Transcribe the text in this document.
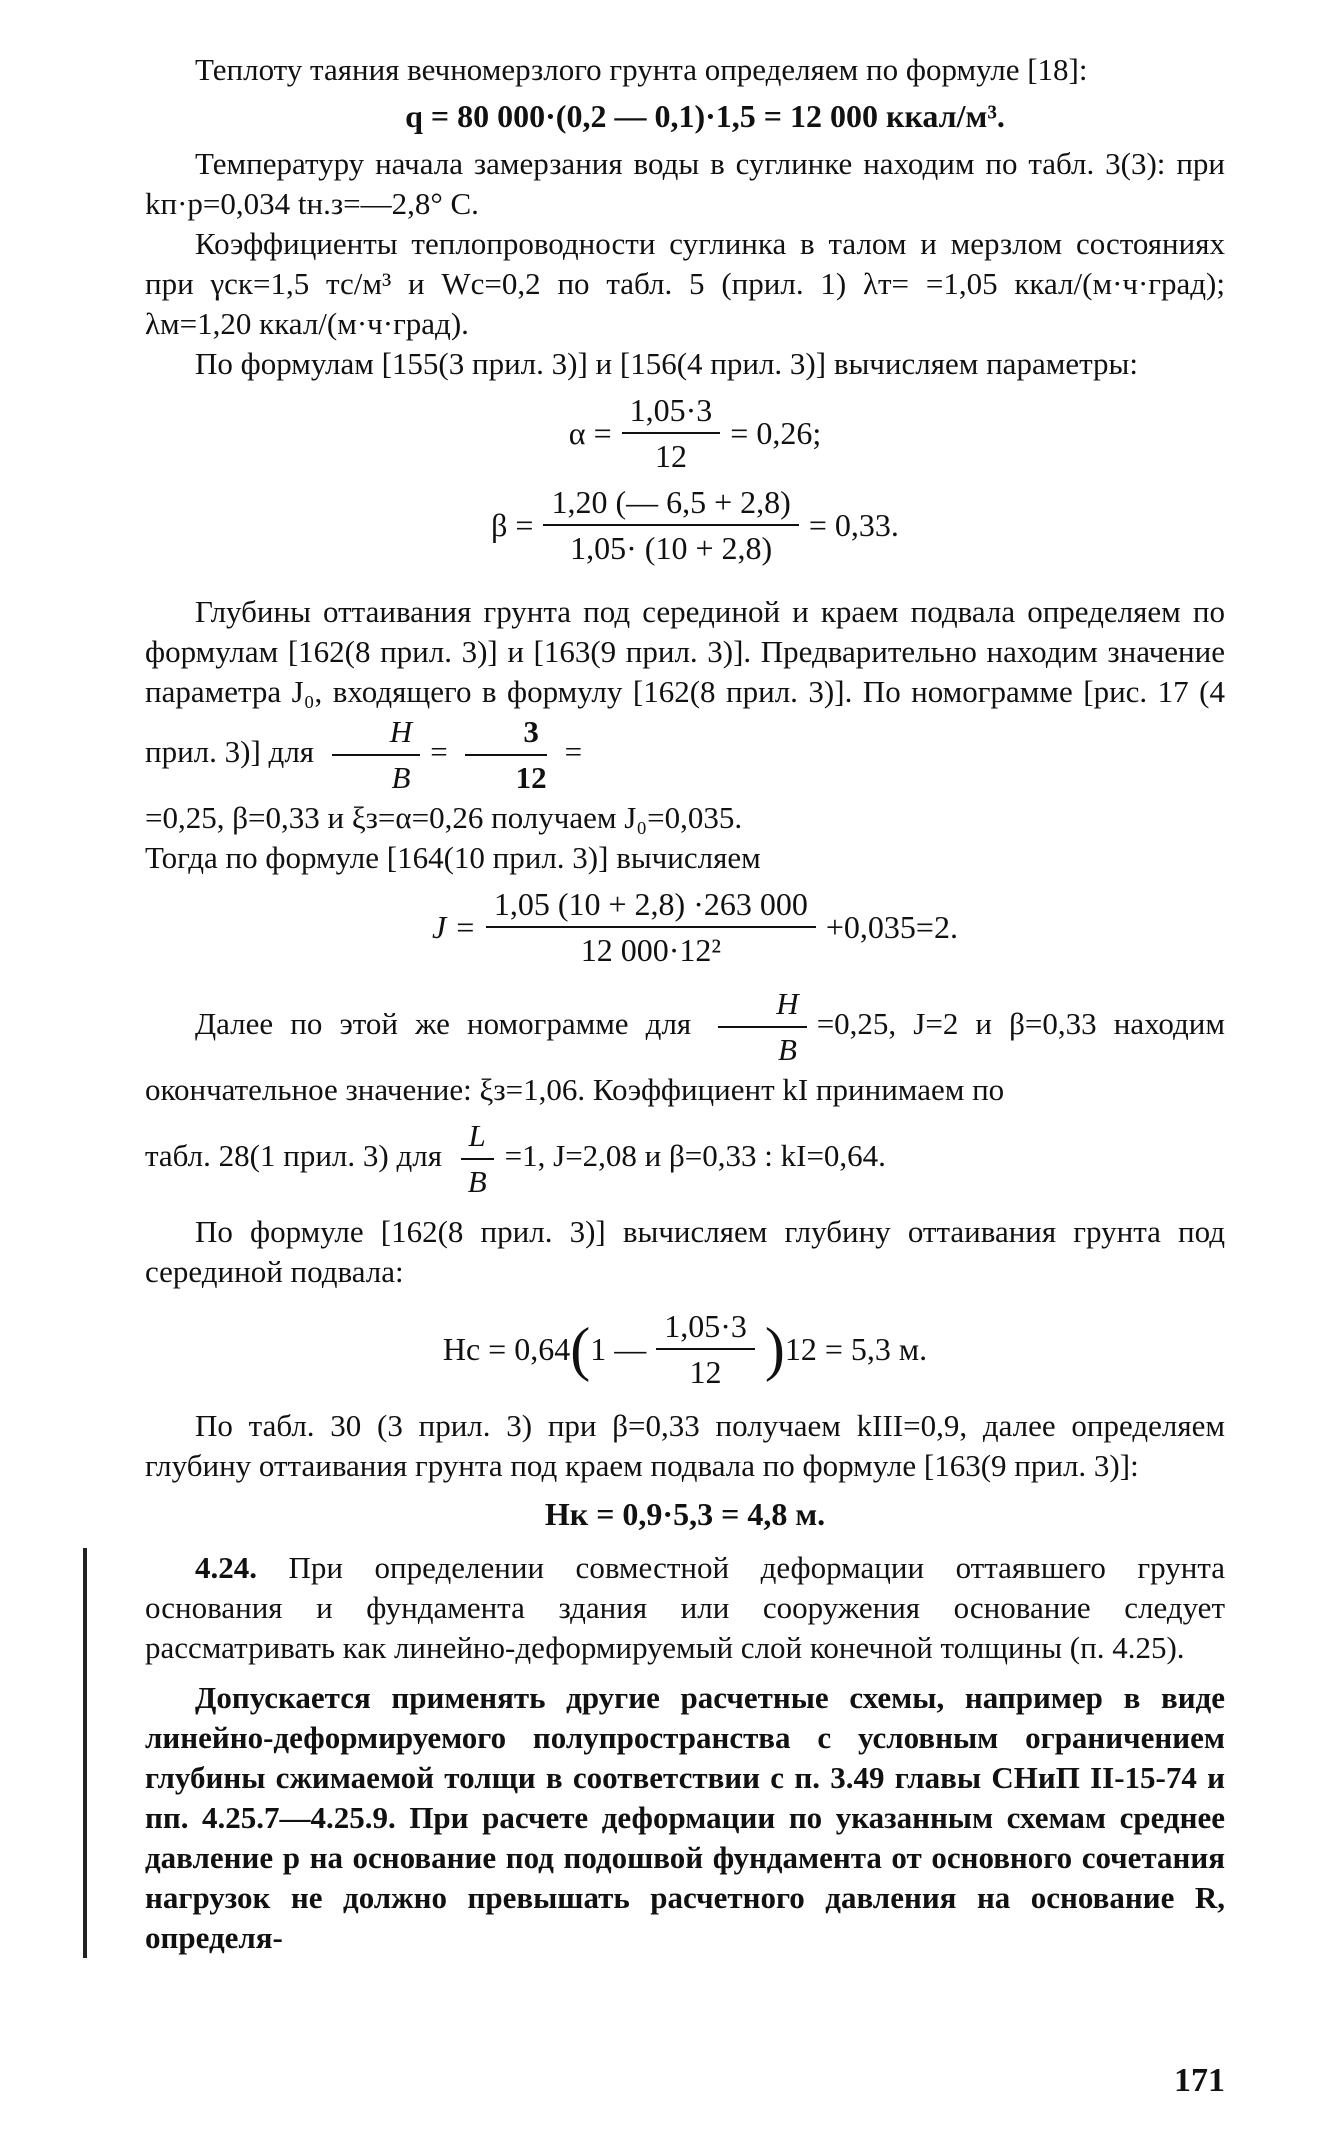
Теплоту таяния вечномерзлого грунта определяем по формуле [18]:

q = 80 000·(0,2 — 0,1)·1,5 = 12 000 ккал/м³.

Температуру начала замерзания воды в суглинке находим по табл. 3(3): при kп·р=0,034 tн.з=—2,8° С.

Коэффициенты теплопроводности суглинка в талом и мерзлом состояниях при γск=1,5 тс/м³ и Wс=0,2 по табл. 5 (прил. 1) λт= =1,05 ккал/(м·ч·град); λм=1,20 ккал/(м·ч·град).

По формулам [155(3 прил. 3)] и [156(4 прил. 3)] вычисляем параметры:

$\alpha = \frac{1,05\cdot 3}{12} = 0,26$;
$\beta = \frac{1,20 (— 6,5 + 2,8)}{1,05\cdot (10 + 2,8)} = 0,33$.

Глубины оттаивания грунта под серединой и краем подвала определяем по формулам [162(8 прил. 3)] и [163(9 прил. 3)]. Предварительно находим значение параметра J₀, входящего в формулу [162(8 прил. 3)]. По номограмме [рис. 17 (4 прил. 3)] для $\frac{H}{B} = \frac{3}{12}$ =

=0,25, β=0,33 и ξз=α=0,26 получаем J₀=0,035.

Тогда по формуле [164(10 прил. 3)] вычисляем

$J = \frac{1,05 (10 + 2,8) \cdot 263 000}{\text{12 000·12²}} +0,035=2$.

Далее по этой же номограмме для $\frac{H}{B} =0,25$, J=2 и β=0,33 находим окончательное значение: ξз=1,06. Коэффициент kI принимаем по

табл. 28(1 прил. 3) для $\frac{L}{B} =1$, J=2,08 и β=0,33 : kI=0,64.

По формуле [162(8 прил. 3)] вычисляем глубину оттаивания грунта под серединой подвала:

Hс = 0,64 ( 1 — $\frac{1,05\cdot 3}{12}$ ) 12 = 5,3 м.

По табл. 30 (3 прил. 3) при β=0,33 получаем kIII=0,9, далее определяем глубину оттаивания грунта под краем подвала по формуле [163(9 прил. 3)]:

Hк = 0,9·5,3 = 4,8 м.

4.24. При определении совместной деформации оттаявшего грунта основания и фундамента здания или сооружения основание следует рассматривать как линейно-деформируемый слой конечной толщины (п. 4.25).

Допускается применять другие расчетные схемы, например в виде линейно-деформируемого полупространства с условным ограничением глубины сжимаемой толщи в соответствии с п. 3.49 главы СНиП II-15-74 и пп. 4.25.7—4.25.9. При расчете деформации по указанным схемам среднее давление p на основание под подошвой фундамента от основного сочетания нагрузок не должно превышать расчетного давления на основание R, определя-

171
